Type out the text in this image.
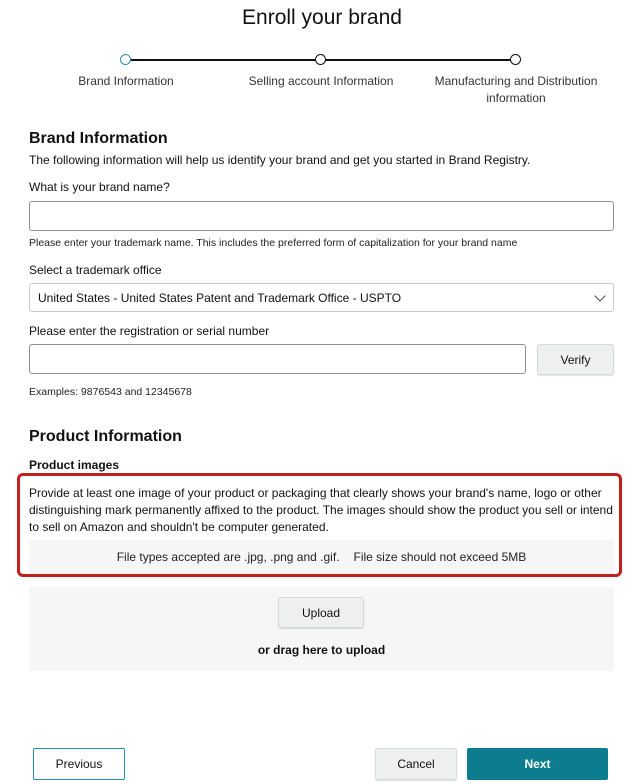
Enroll your brand
Brand Information	Selling account Information	Manufacturing and Distribution information
Brand Information
The following information will help us identify your brand and get you started in Brand Registry.
What is your brand name?
Please enter your trademark name. This includes the preferred form of capitalization for your brand name
Select a trademark office
United States - United States Patent and Trademark Office - USPTO
Please enter the registration or serial number
Verify
Examples: 9876543 and 12345678
Product Information
Product images
Provide at least one image of your product or packaging that clearly shows your brand's name, logo or other distinguishing mark permanently affixed to the product. The images should show the product you sell or intend to sell on Amazon and shouldn't be computer generated.
File types accepted are .jpg, .png and .gif. File size should not exceed 5MB
Upload
or drag here to upload
Previous	Cancel	Next
